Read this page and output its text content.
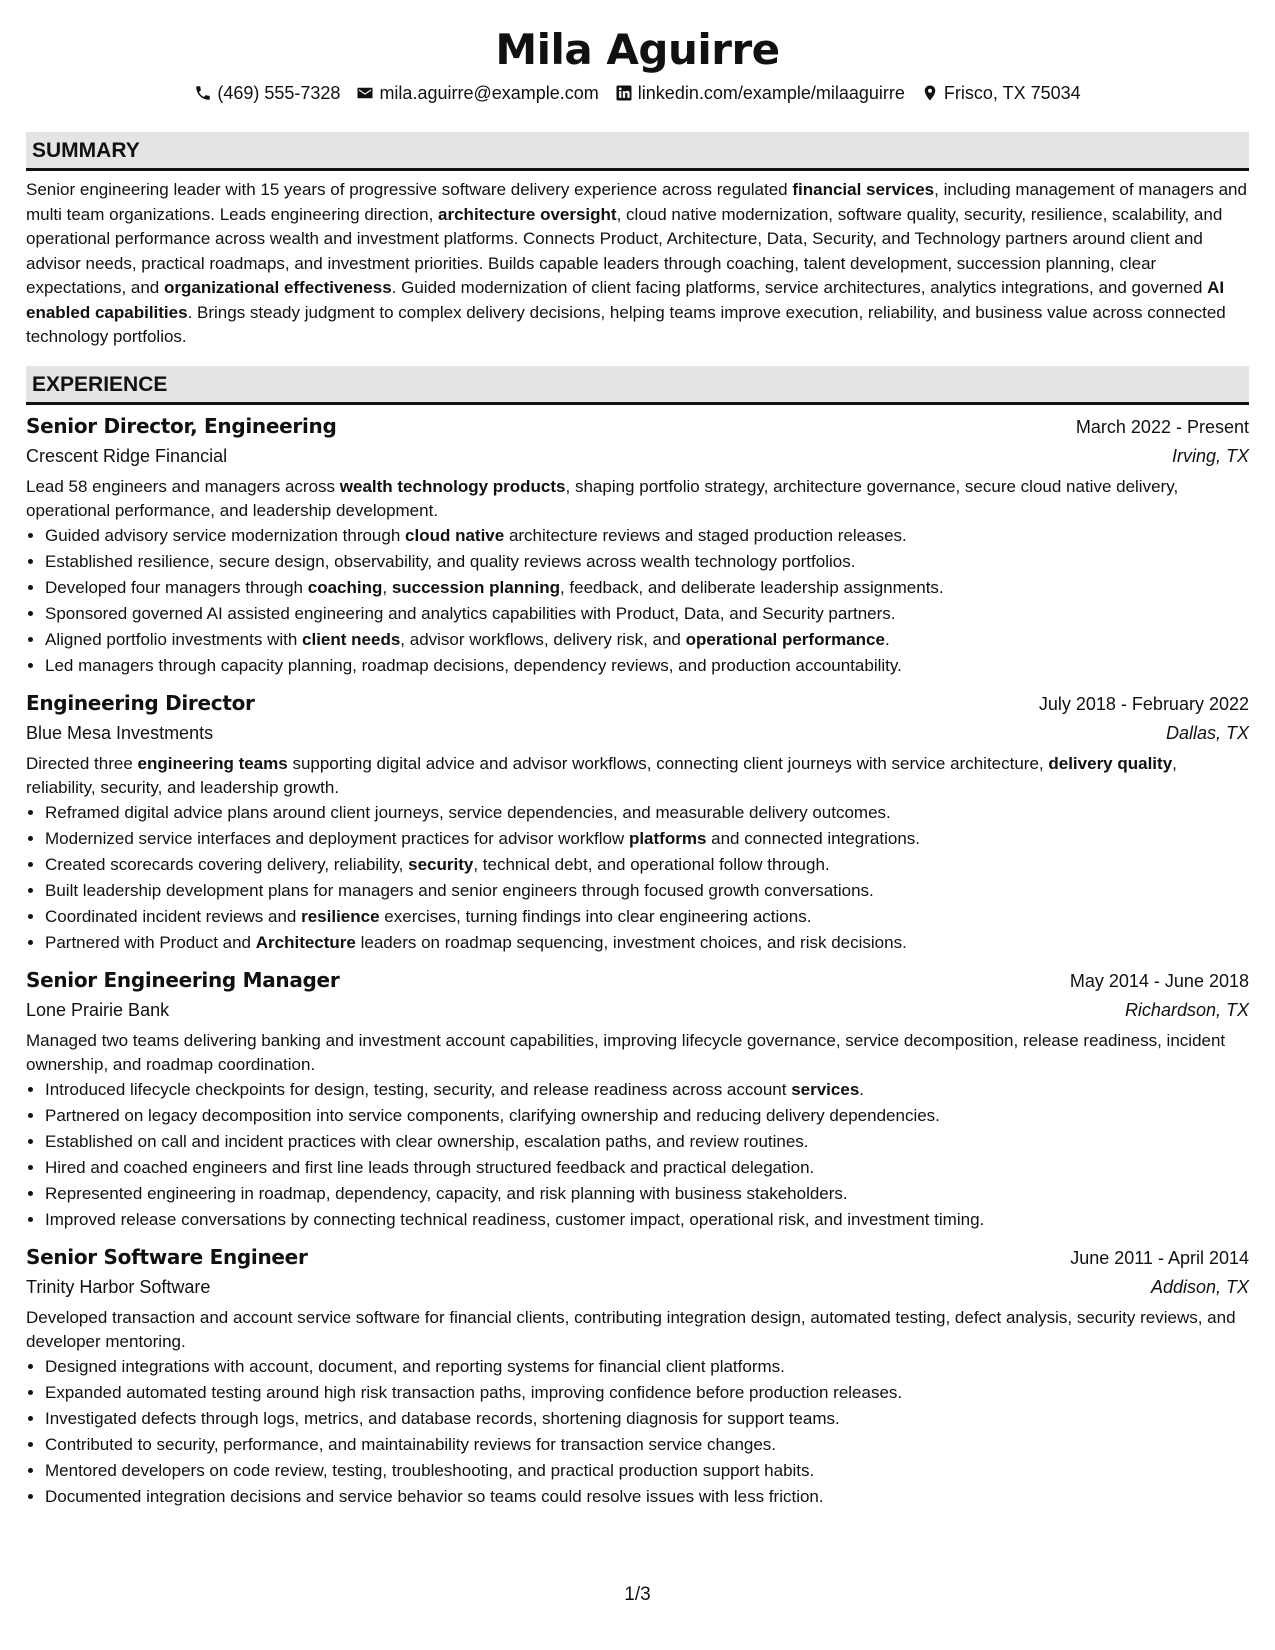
Mila Aguirre
(469) 555-7328 mila.aguirre@example.com linkedin.com/example/milaaguirre Frisco, TX 75034
SUMMARY
Senior engineering leader with 15 years of progressive software delivery experience across regulated financial services, including management of managers and multi team organizations. Leads engineering direction, architecture oversight, cloud native modernization, software quality, security, resilience, scalability, and operational performance across wealth and investment platforms. Connects Product, Architecture, Data, Security, and Technology partners around client and advisor needs, practical roadmaps, and investment priorities. Builds capable leaders through coaching, talent development, succession planning, clear expectations, and organizational effectiveness. Guided modernization of client facing platforms, service architectures, analytics integrations, and governed AI enabled capabilities. Brings steady judgment to complex delivery decisions, helping teams improve execution, reliability, and business value across connected technology portfolios.
EXPERIENCE
Senior Director, Engineering	March 2022 - Present
Crescent Ridge Financial	Irving, TX
Lead 58 engineers and managers across wealth technology products, shaping portfolio strategy, architecture governance, secure cloud native delivery, operational performance, and leadership development.
• Guided advisory service modernization through cloud native architecture reviews and staged production releases.
• Established resilience, secure design, observability, and quality reviews across wealth technology portfolios.
• Developed four managers through coaching, succession planning, feedback, and deliberate leadership assignments.
• Sponsored governed AI assisted engineering and analytics capabilities with Product, Data, and Security partners.
• Aligned portfolio investments with client needs, advisor workflows, delivery risk, and operational performance.
• Led managers through capacity planning, roadmap decisions, dependency reviews, and production accountability.
Engineering Director	July 2018 - February 2022
Blue Mesa Investments	Dallas, TX
Directed three engineering teams supporting digital advice and advisor workflows, connecting client journeys with service architecture, delivery quality, reliability, security, and leadership growth.
• Reframed digital advice plans around client journeys, service dependencies, and measurable delivery outcomes.
• Modernized service interfaces and deployment practices for advisor workflow platforms and connected integrations.
• Created scorecards covering delivery, reliability, security, technical debt, and operational follow through.
• Built leadership development plans for managers and senior engineers through focused growth conversations.
• Coordinated incident reviews and resilience exercises, turning findings into clear engineering actions.
• Partnered with Product and Architecture leaders on roadmap sequencing, investment choices, and risk decisions.
Senior Engineering Manager	May 2014 - June 2018
Lone Prairie Bank	Richardson, TX
Managed two teams delivering banking and investment account capabilities, improving lifecycle governance, service decomposition, release readiness, incident ownership, and roadmap coordination.
• Introduced lifecycle checkpoints for design, testing, security, and release readiness across account services.
• Partnered on legacy decomposition into service components, clarifying ownership and reducing delivery dependencies.
• Established on call and incident practices with clear ownership, escalation paths, and review routines.
• Hired and coached engineers and first line leads through structured feedback and practical delegation.
• Represented engineering in roadmap, dependency, capacity, and risk planning with business stakeholders.
• Improved release conversations by connecting technical readiness, customer impact, operational risk, and investment timing.
Senior Software Engineer	June 2011 - April 2014
Trinity Harbor Software	Addison, TX
Developed transaction and account service software for financial clients, contributing integration design, automated testing, defect analysis, security reviews, and developer mentoring.
• Designed integrations with account, document, and reporting systems for financial client platforms.
• Expanded automated testing around high risk transaction paths, improving confidence before production releases.
• Investigated defects through logs, metrics, and database records, shortening diagnosis for support teams.
• Contributed to security, performance, and maintainability reviews for transaction service changes.
• Mentored developers on code review, testing, troubleshooting, and practical production support habits.
• Documented integration decisions and service behavior so teams could resolve issues with less friction.
1/3
